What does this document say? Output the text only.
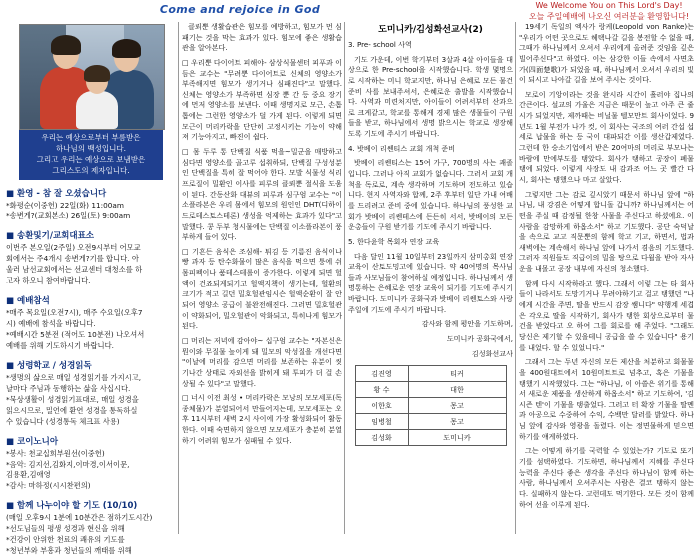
Come and rejoice in God	We Welcome You on This Lord's Day!
오늘 주일예배에 나오신 여러분을 환영합니다!
우리는 예상으로부터 부름받은
하나님의 백성입니다.
그리고 우리는 예상으로 보냄받은
그리스도의 제자입니다.
■ 환영 - 참 잘 오셨습니다
*화평순(이중헌) 22일(화) 11:00am
*송변게?(교회본소) 26일(토) 9:00am
■ 송환및기/교회대표소
이번주 본오일(2주일) 오전9시부터 어모교
회에서는 주4개시 송변게?기를 합니다. 아
울러 남선교회에서는 선교센터 대청소를 하
고자 하오니 참여바랍니다.
■ 예배참석
*매주 목요일(오전7시), 매주 수요일(오후7
시) 예배에 참석을 바랍니다.
*예배시간 5분전 (적어도 10분전) 나오셔서
예배를 위해 기도하시기 바랍니다.
■ 성령학교 / 성경읽독
*생명의 삶으로 매일 성경읽기를 가지시고,
날마다 주님과 동행하는 삶을 사십시다.
*묵상생활이 성경읽기표대로, 매일 성경을
읽으시므로, 밀언에 환연 성경을 통독하실
수 있습니다 (성경통독 체크표 사용)
■ 코이노니아
*봉사: 천교십희부원선(이중헌)
*음악: 김지선,김화지,이마경,이서이문,
김용환,김애영
*감사: 마하정(시시찬편의)
■ 함께 나누이야 할 기도 (10/10)
(매일 오후9시 1분에 10분간은 점하기도시간)
*선도님들의 평생 성경과 현신을 위해
*건강이 안위한 천료의 쾌유의 기도를
*청년부와 부흥과 청년들의 깨태를 위해

클뢰뿐 생활습관은 힘모를 예방하고, 힘모가 먼 심패기는 것을 막는 효과가 있다. 힘모에 좋은 생활습관을 알아본다.

□ 우리뿐 다이어트 피해야- 삼상식물센터 피푸과 이듬은 교수는 "무려뿐 다이어트로 신체의 영양소가 부족해지면 힘모가 생기거나 심패진다"고 말했다. 신체는 영양소가 부족하면 심장 뿐 간 등 중요 장기에 먼저 영양소를 보낸다. 이때 생명지로 모근, 손톱 톱에는 그런한 영양소가 덜 가게 된다. 이렇게 되면 모근이 머리카락을 단단히 고정시키는 기능이 약해져 기능아지고, 빠진이 쉽다.

□ 몸 두루 통 단백질 식품 먹을~밀군을 매방하고 심다면 영양소를 골고루 섭취하되, 단백질 구성성분인 단백질을 특히 잘 먹어야 한다. 모발 식물성 식리프로질이 밀환인 이사를 피루의 클뢰뿐 절식을 도움이 된다. 간동산화 대뷰의 피루과 심구엄 교수는 "이소플라본은 우리 몸에서 힘모의 원인인 DHT(디하이드로테스토스테론) 생성을 억제하는 효과가 있다"고 말했다. 콩 두부 청시물에는 단백질 이소플라본이 풍부하게 들어 있다.

□ 기흔든 음식은 조심해- 튀김 등 기름진 음식이나 빵 과자 등 탄수화물이 많은 음식을 먹으면 퉁에 쉬 몸피펙이나 품테스테롤이 증가한다. 이렇게 되면 헐액이 건죠되게되기고 헐액지책이 생기는데, 헐환의 크기가 적고 길던 밀호헐관임시슨 헐액순환이 잘 안되어 영양소 공급이 불완전해진다. 그러면 밀호헐관이 약화되어, 밀오헐관이 악화되고, 특히나게 힘모가 된다.

□ 머리는 저녁에 감아야~ 십구엄 교수는 "자본신은 뭔이와 무질물 높이게 돼 밀모의 악성질을 개선다면 "이날에 머리를 감으면 머리를 보존하는 유분이 씻기나간 상태로 자외선을 밝히게 돼 투피가 더 걸 손상될 수 있다"고 말했다.

□ 너시 이전 최성 • 머리카락은 모낭의 모모세포(독종체물)가 분열되어서 만들어지는데, 모모세포는 오후 11시부터 새벽 2시 사이에 가장 활성화되어 활동한다. 이때 숙면하지 않으면 모모세포가 충분히 분열하기 어려워 힘모가 심패될 수 있다.

도미니카/김성화선교사(2)

3. Pre- school 사역

기도 가운데, 이번 학기부터 3살과 4살 아이들을 대상으로 한 Pre-school을 시작했습니다. 학생 몇명으로 시작하는 미니 학교지만, 하나님 은혜로 모든 물건 준비 사를 보내주셔서, 은혜로운 출발을 시작했습니다. 사역과 미련처지만, 아이들이 어려서부터 산과으로 크게같고, 학교를 통해게 경제 많은 생물들이 구원들을 받고, 하나님에서 생명 밝으시는 학교로 생장해도록 기도에 주시기 바랍니다.

4. 밧베이 리쎈티스 교회 개척 준비

밧베이 리쎈티스는 15여 가구, 700명의 사는 괘졸입니다. 그러나 아직 교회가 없습니다. 그러서 교회 개척을 독로로, 계속 생각하며 기도하며 전도하고 있습니다. 현지 사역자와 합께, 2주 후부터 일단 가내 여배를 드리려고 준비 중에 있습니다. 하나님의 풍성한 교회가 밧베이 리쎈테스에 든든히 서서, 밧베이의 모든 운총들이 구원 받기를 기도에 주시기 바랍니다.

5. 한다윤학 목회자 연장 교육

다음 달인 11월 10일부터 23일까지 삼미총회 연장 교육이 산토도밍고에 있습니다. 약 40여명의 목사님들과 사모님들이 참여하실 예정입니다. 하나님께서 생명통하는 은혜로운 연장 교육이 되기를 기도에 주시기 바랍니다. 도미니카 공화국과 밧베이 리쎈토스와 사랑 주일에 기도에 주시기 바랍니다.

감사와 함께 평안을 기도하며,
도미니카 공화국에서,
김성화선교사
김진영	티커
황 수	대한
이한호	몽고
임병철	몽고
김성화	도미니카

19세기 독일의 엑사가 랑케(Leopold von Ranke)는 "우리가 어떤 곳으로도 헤택나갈 길을 봉전할 수 없을 때, 그때가 하나님께서 오셔서 우리에게 올려준 것임을 깊은 빌어주신다"고 하였다. 이는 삼강한 이들 속에서 사면초가(四面楚歌)가 되었을 때, 하나님께서 오셔서 우리의 빛이 되시고 나아갈 길을 보여 주시는 것이다.

모로이 기앙이라는 것을 완시라 시간이 흘러야 집나의 간큰이다. 설교의 가울은 지금은 때문이 높고 아주 큰 줄시가 되었지만, 제까때는 비닐물 텔모만트 회사이었다. 9년도 1월 부전가 나가 컷, 이 회사는 국조의 여러 간섭 섭세로 납물을 하는 등 국이 대파되간 이를 생산갑제였다. 그런데 한 승소기업에서 받은 20여마의 머리로 부모나는 바람에 만에부도를 탱았다. 회사가 탱하고 공장이 폐물 탱에 되었다. 이렇게 사장도 내 감과조 어느 곳 빨간 다시, 회사는 탱했으나 마고 살았다.

그렇지만 그는 감로 깊시았기 때문서 하나님 앞에 "하나님, 내 강겸은 어떻게 합니돌 갑니까? 하나님께서는 어떤을 주실 때 감정될 한창 사물을 주신다고 하셨에요. 이 사람을 감망하게 하옵소서" 하고 기도했다. 공단 숙덕날을 속으로 교고 직문뿐의 함께 학고 기고, 하면서, 법과 새벽에는 계속해서 하나님 앞에 나가서 겸음의 기도했다. 그러자 직원들도 직급이의 밀을 탕으로 다월을 받아 자사운을 내몰고 공장 내부에 자신의 청소했다.

함께 다시 시작하라고 했다. 그래서 이렇 그는 타 회사들이 나라서도 도망기거나 무려야하기고 걸고 탱했던 "나에게 시간을 주면, 딸을 반드시 감장 쌤니다" 약행계 세겹은 각오로 딸을 시작하기, 회사가 탱한 회상으로부터 물건을 받었다고 오 하여 그를 회로를 해 주었다. "그래도 당신은 제기할 수 있을테니 공급을 쓸 수 있습니다" 용기를 내었다. 할 수 있었니다."

그래서 그는 두년 자신의 모든 제산을 처분하고 회물물을 400원대트에서 10원미트트로 넘추고, 혹은 기물을 탱했기 시작했었다. 그는 "하나님, 이 아쓸은 위기를 통해서 새로운 제품을 생산하게 하옵소서" 하고 기도하여, '김 시즌 텐'이 기물을 탱출었다. 그러고 터 확장 기물을 딸멘과 아공으로 수중하여 수익, 수백만 달러를 밝았다. 하나님 앞에 감사와 영광을 돌렸다. 이는 정면물하게 믿으면 하기를 얘게하였다.

그는 어떻게 하기를 국력할 수 있었는가? 기도로 또기기를 섬택하였다. 기도하면, 하나님께서 지혜를 주신다 능력을 주신다 좋은 생각을 주신다 하나님이 함께 하는 사람, 하나님께서 오셔주시는 사람은 결코 탱하지 않는다. 실패하지 않는다. 고런데도 먹기한다. 모든 것이 함께하여 선을 이루게 된다.
